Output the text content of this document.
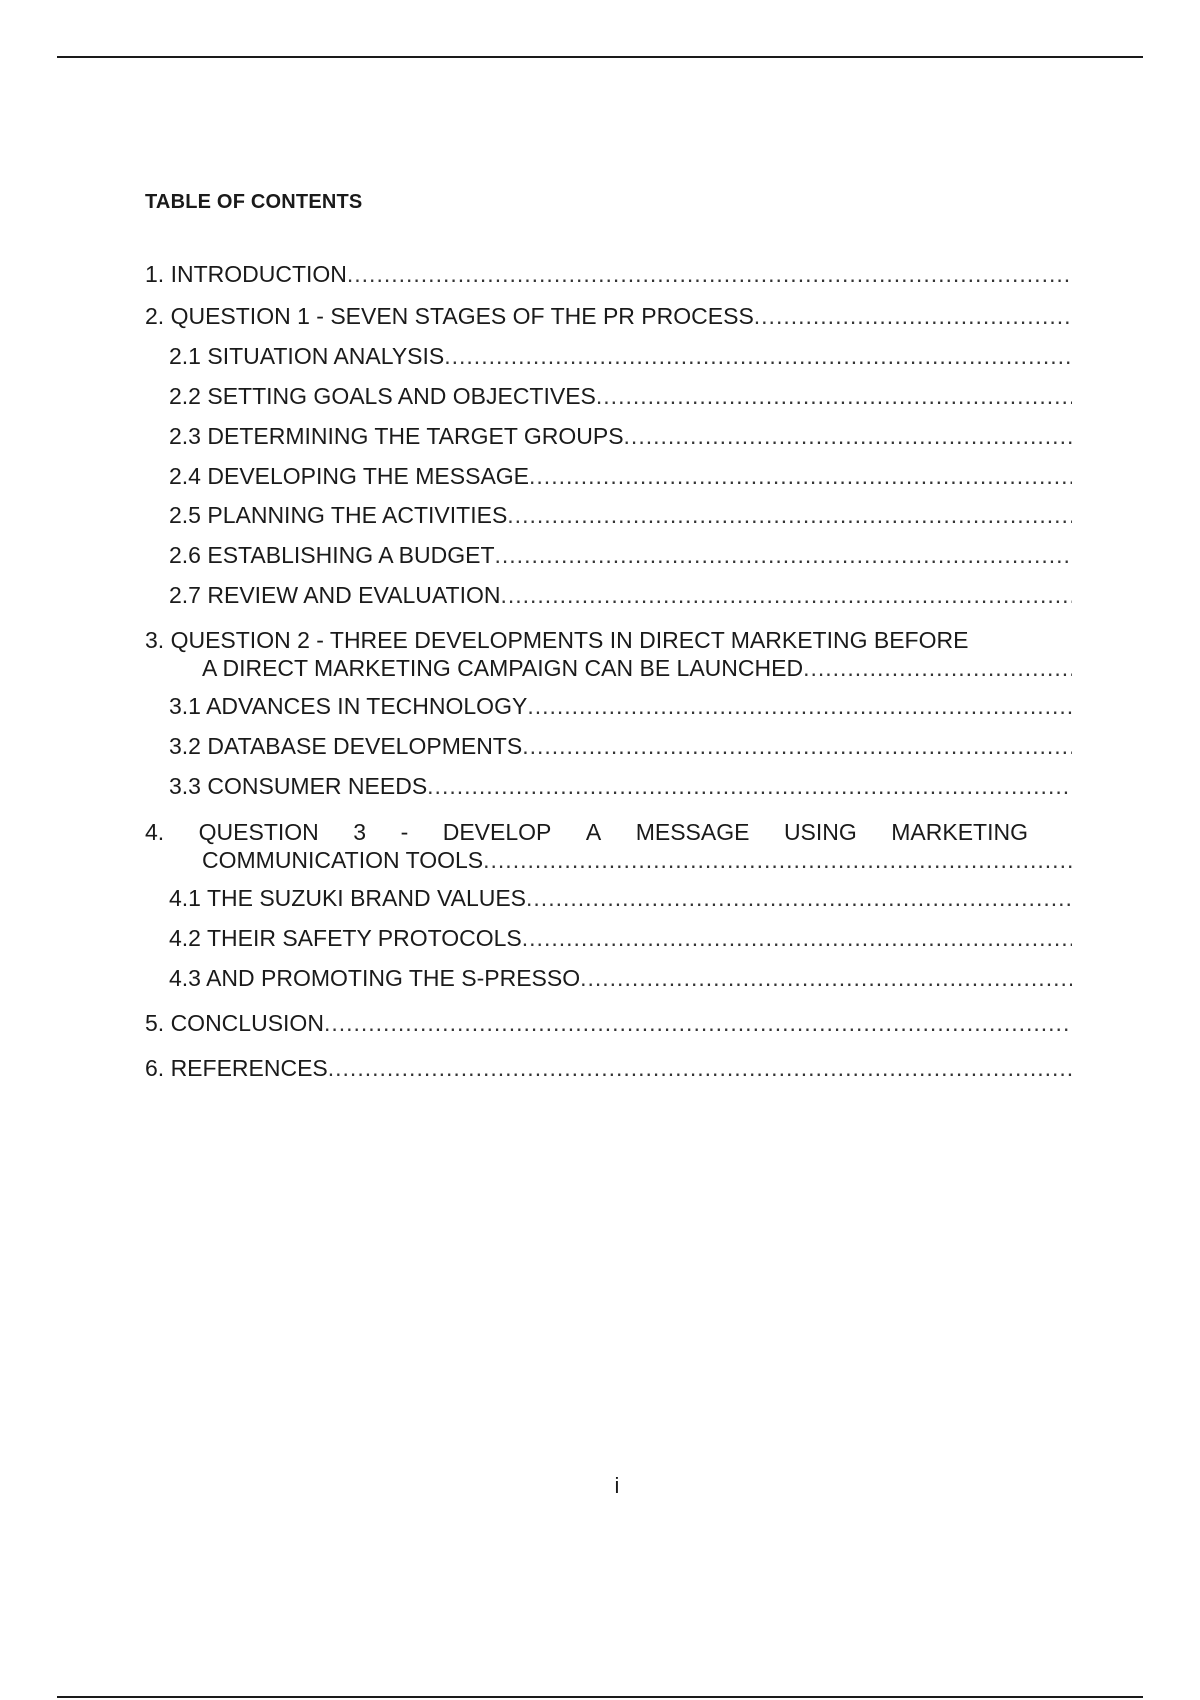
TABLE OF CONTENTS
1. INTRODUCTION
.....
2. QUESTION 1 - SEVEN STAGES OF THE PR PROCESS
.....
2.1 SITUATION ANALYSIS
.....
2.2 SETTING GOALS AND OBJECTIVES
.....
2.3 DETERMINING THE TARGET GROUPS
.....
2.4 DEVELOPING THE MESSAGE
.....
2.5 PLANNING THE ACTIVITIES
.....
2.6 ESTABLISHING A BUDGET
.....
2.7 REVIEW AND EVALUATION
.....
3. QUESTION 2 - THREE DEVELOPMENTS IN DIRECT MARKETING BEFORE
A DIRECT MARKETING CAMPAIGN CAN BE LAUNCHED
.....
3.1 ADVANCES IN TECHNOLOGY
.....
3.2 DATABASE DEVELOPMENTS
.....
3.3 CONSUMER NEEDS
.....
4. QUESTION 3 - DEVELOP A MESSAGE USING MARKETING
COMMUNICATION TOOLS
.....
4.1 THE SUZUKI BRAND VALUES
.....
4.2 THEIR SAFETY PROTOCOLS
.....
4.3 AND PROMOTING THE S-PRESSO
.....
5. CONCLUSION
.....
6. REFERENCES
.....
i
